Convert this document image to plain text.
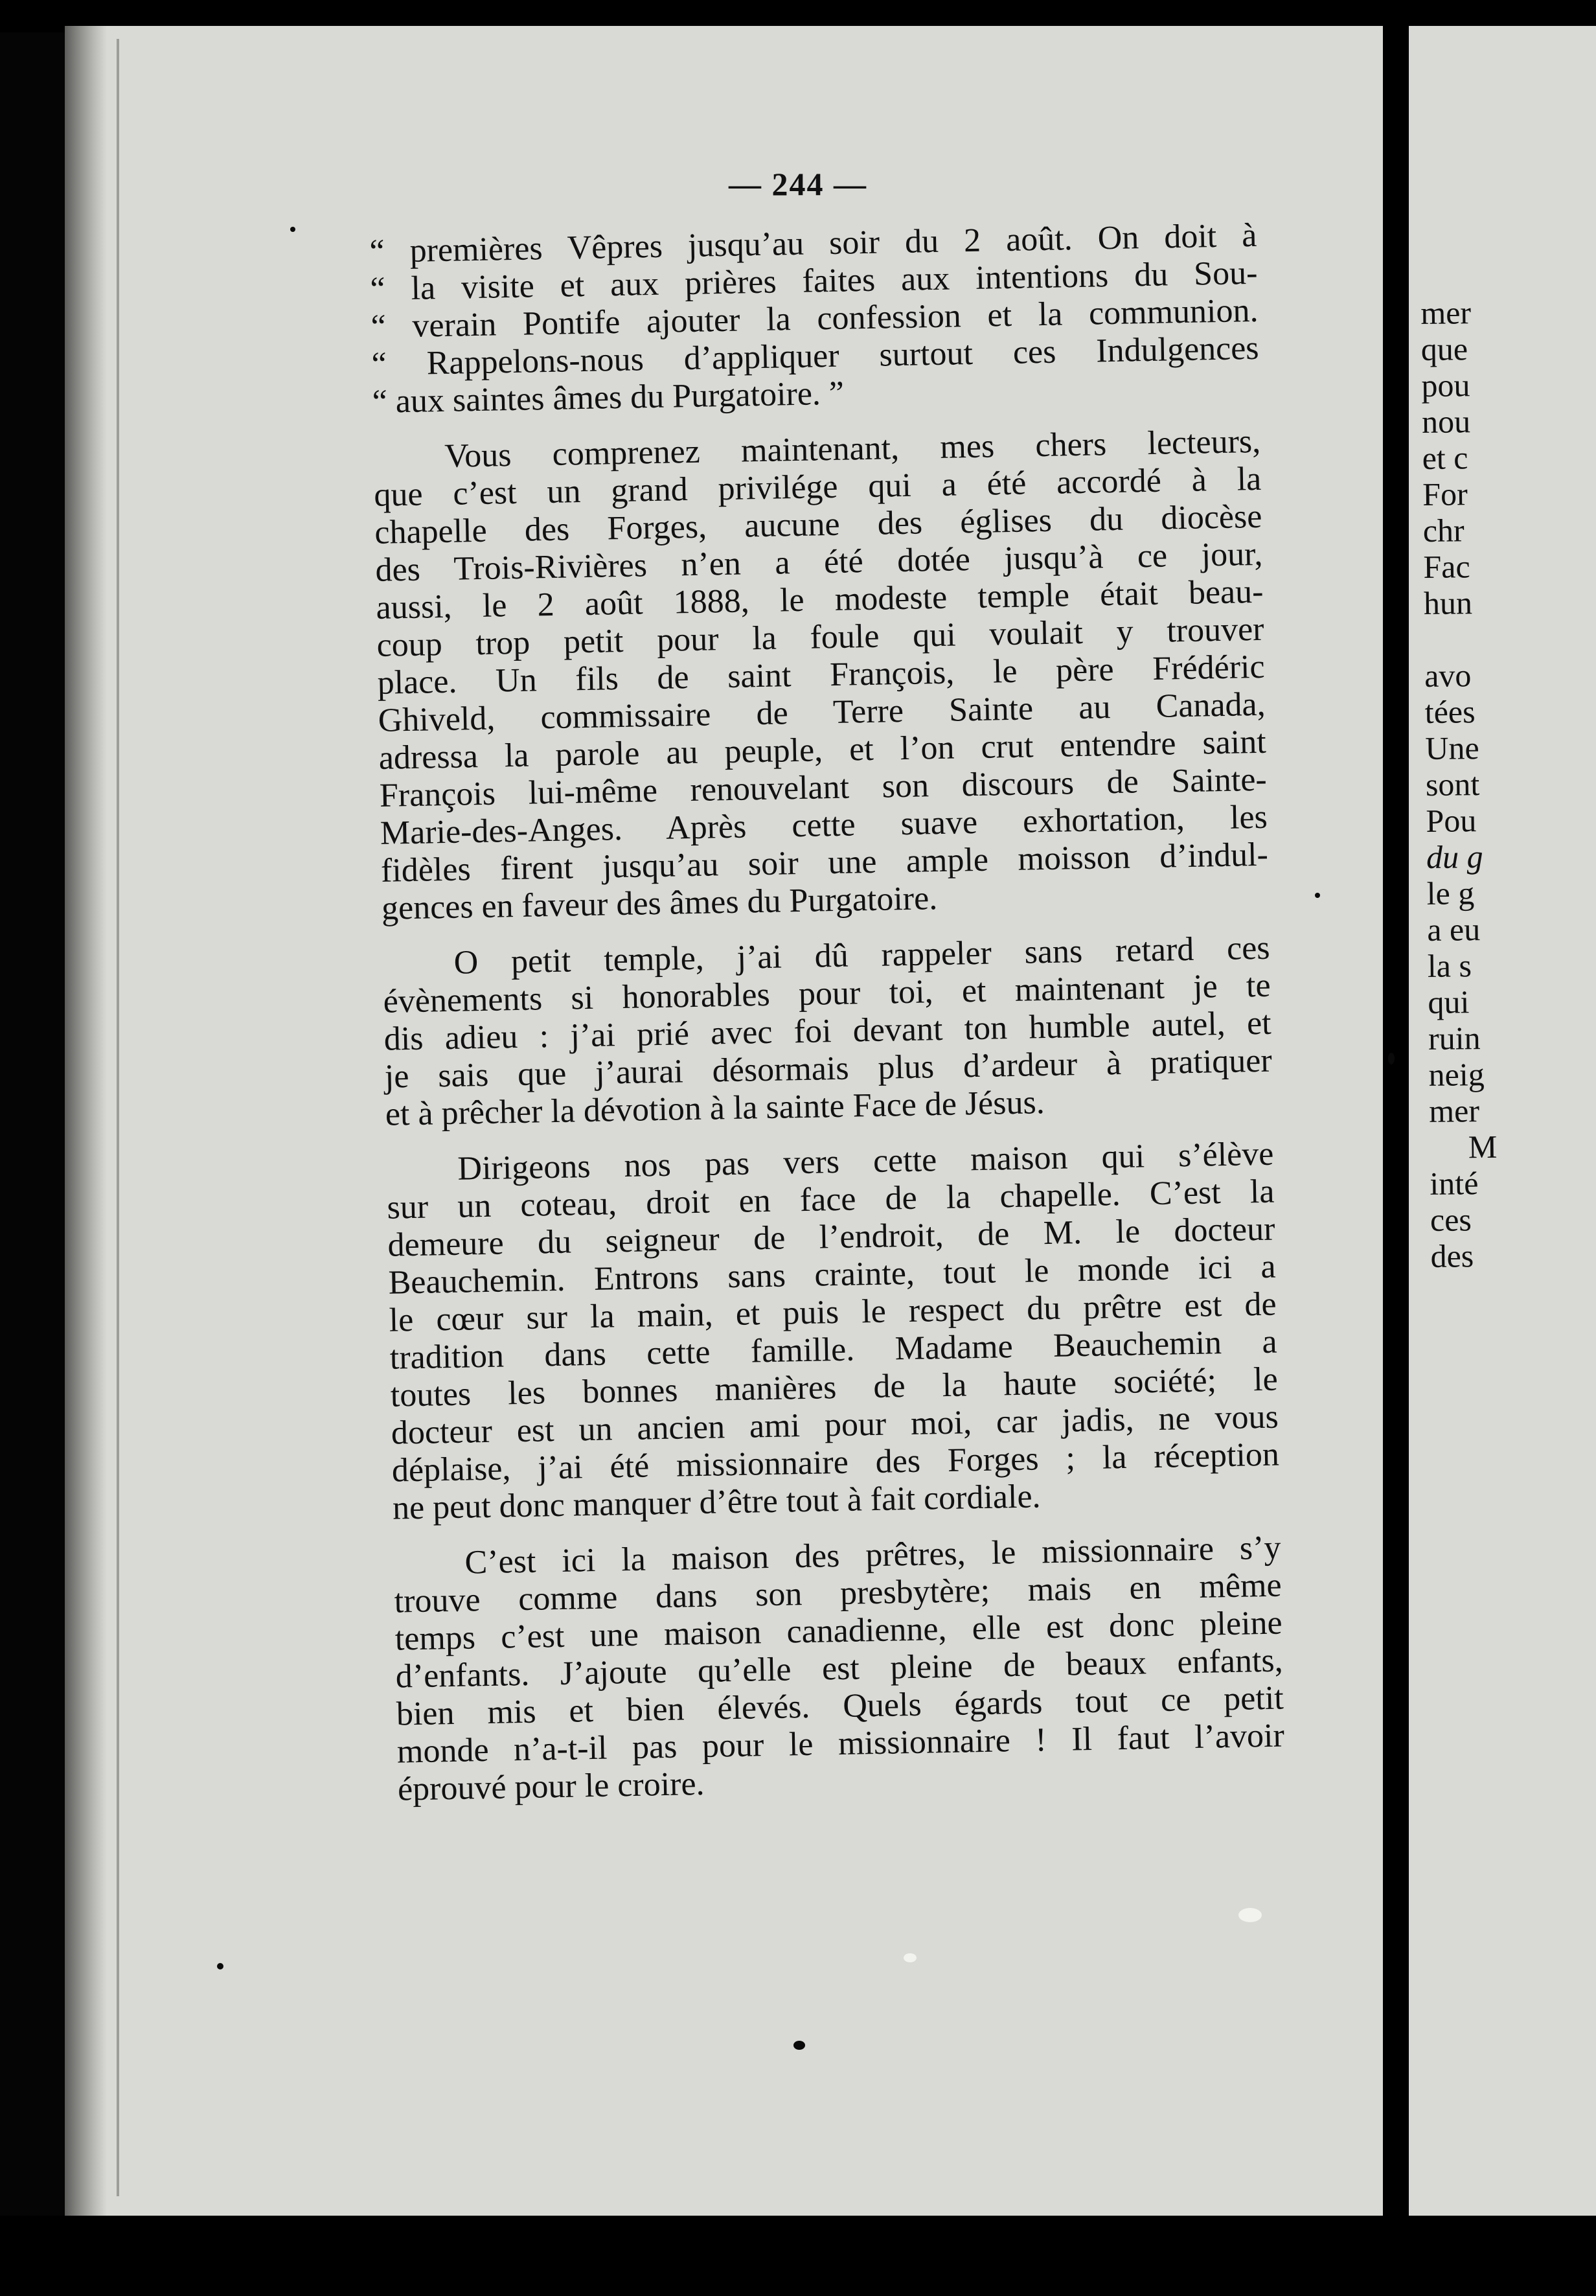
— 244 —
“ premières Vêpres jusqu’au soir du 2 août. On doit à
“ la visite et aux prières faites aux intentions du Sou-
“ verain Pontife ajouter la confession et la communion.
“ Rappelons-nous d’appliquer surtout ces Indulgences
“ aux saintes âmes du Purgatoire. ”
Vous comprenez maintenant, mes chers lecteurs,
que c’est un grand privilége qui a été accordé à la
chapelle des Forges, aucune des églises du diocèse
des Trois-Rivières n’en a été dotée jusqu’à ce jour,
aussi, le 2 août 1888, le modeste temple était beau-
coup trop petit pour la foule qui voulait y trouver
place. Un fils de saint François, le père Frédéric
Ghiveld, commissaire de Terre Sainte au Canada,
adressa la parole au peuple, et l’on crut entendre saint
François lui-même renouvelant son discours de Sainte-
Marie-des-Anges. Après cette suave exhortation, les
fidèles firent jusqu’au soir une ample moisson d’indul-
gences en faveur des âmes du Purgatoire.
O petit temple, j’ai dû rappeler sans retard ces
évènements si honorables pour toi, et maintenant je te
dis adieu : j’ai prié avec foi devant ton humble autel, et
je sais que j’aurai désormais plus d’ardeur à pratiquer
et à prêcher la dévotion à la sainte Face de Jésus.
Dirigeons nos pas vers cette maison qui s’élève
sur un coteau, droit en face de la chapelle. C’est la
demeure du seigneur de l’endroit, de M. le docteur
Beauchemin. Entrons sans crainte, tout le monde ici a
le cœur sur la main, et puis le respect du prêtre est de
tradition dans cette famille. Madame Beauchemin a
toutes les bonnes manières de la haute société; le
docteur est un ancien ami pour moi, car jadis, ne vous
déplaise, j’ai été missionnaire des Forges ; la réception
ne peut donc manquer d’être tout à fait cordiale.
C’est ici la maison des prêtres, le missionnaire s’y
trouve comme dans son presbytère; mais en même
temps c’est une maison canadienne, elle est donc pleine
d’enfants. J’ajoute qu’elle est pleine de beaux enfants,
bien mis et bien élevés. Quels égards tout ce petit
monde n’a-t-il pas pour le missionnaire ! Il faut l’avoir
éprouvé pour le croire.
mer
que
pou
nou
et c
For
chr
Fac
hun
avo
tées
Une
sont
Pou
du g
le g
a eu
la s
qui
ruin
neig
mer
M
inté
ces
des
